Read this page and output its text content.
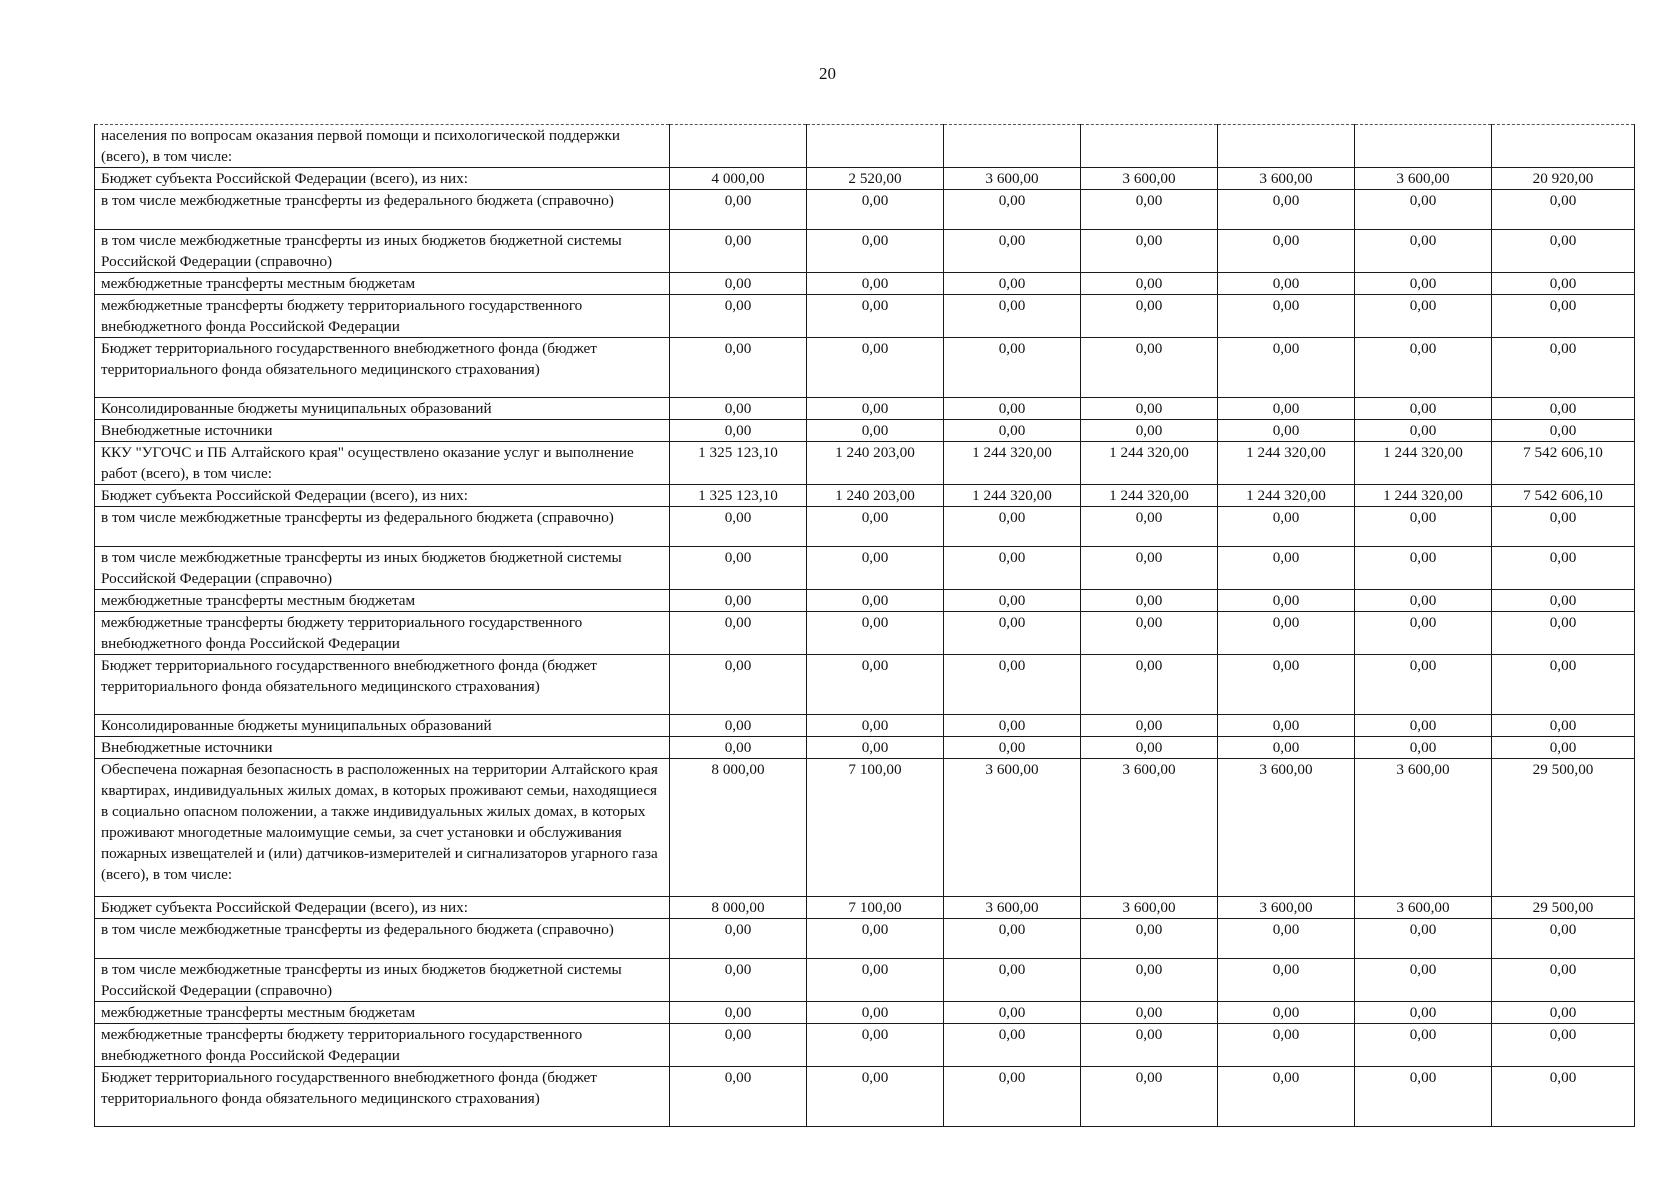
20
населения по вопросам оказания первой помощи и психологической поддержки (всего), в том числе:							
Бюджет субъекта Российской Федерации (всего), из них:	4 000,00	2 520,00	3 600,00	3 600,00	3 600,00	3 600,00	20 920,00
в том числе межбюджетные трансферты из федерального бюджета (справочно)	0,00	0,00	0,00	0,00	0,00	0,00	0,00
в том числе межбюджетные трансферты из иных бюджетов бюджетной системы Российской Федерации (справочно)	0,00	0,00	0,00	0,00	0,00	0,00	0,00
межбюджетные трансферты местным бюджетам	0,00	0,00	0,00	0,00	0,00	0,00	0,00
межбюджетные трансферты бюджету территориального государственного внебюджетного фонда Российской Федерации	0,00	0,00	0,00	0,00	0,00	0,00	0,00
Бюджет территориального государственного внебюджетного фонда (бюджет территориального фонда обязательного медицинского страхования)	0,00	0,00	0,00	0,00	0,00	0,00	0,00
Консолидированные бюджеты муниципальных образований	0,00	0,00	0,00	0,00	0,00	0,00	0,00
Внебюджетные источники	0,00	0,00	0,00	0,00	0,00	0,00	0,00
ККУ "УГОЧС и ПБ Алтайского края" осуществлено оказание услуг и выполнение работ (всего), в том числе:	1 325 123,10	1 240 203,00	1 244 320,00	1 244 320,00	1 244 320,00	1 244 320,00	7 542 606,10
Бюджет субъекта Российской Федерации (всего), из них:	1 325 123,10	1 240 203,00	1 244 320,00	1 244 320,00	1 244 320,00	1 244 320,00	7 542 606,10
в том числе межбюджетные трансферты из федерального бюджета (справочно)	0,00	0,00	0,00	0,00	0,00	0,00	0,00
в том числе межбюджетные трансферты из иных бюджетов бюджетной системы Российской Федерации (справочно)	0,00	0,00	0,00	0,00	0,00	0,00	0,00
межбюджетные трансферты местным бюджетам	0,00	0,00	0,00	0,00	0,00	0,00	0,00
межбюджетные трансферты бюджету территориального государственного внебюджетного фонда Российской Федерации	0,00	0,00	0,00	0,00	0,00	0,00	0,00
Бюджет территориального государственного внебюджетного фонда (бюджет территориального фонда обязательного медицинского страхования)	0,00	0,00	0,00	0,00	0,00	0,00	0,00
Консолидированные бюджеты муниципальных образований	0,00	0,00	0,00	0,00	0,00	0,00	0,00
Внебюджетные источники	0,00	0,00	0,00	0,00	0,00	0,00	0,00
Обеспечена пожарная безопасность в расположенных на территории Алтайского края квартирах, индивидуальных жилых домах, в которых проживают семьи, находящиеся в социально опасном положении, а также индивидуальных жилых домах, в которых проживают многодетные малоимущие семьи, за счет установки и обслуживания пожарных извещателей и (или) датчиков-измерителей и сигнализаторов угарного газа (всего), в том числе:	8 000,00	7 100,00	3 600,00	3 600,00	3 600,00	3 600,00	29 500,00
Бюджет субъекта Российской Федерации (всего), из них:	8 000,00	7 100,00	3 600,00	3 600,00	3 600,00	3 600,00	29 500,00
в том числе межбюджетные трансферты из федерального бюджета (справочно)	0,00	0,00	0,00	0,00	0,00	0,00	0,00
в том числе межбюджетные трансферты из иных бюджетов бюджетной системы Российской Федерации (справочно)	0,00	0,00	0,00	0,00	0,00	0,00	0,00
межбюджетные трансферты местным бюджетам	0,00	0,00	0,00	0,00	0,00	0,00	0,00
межбюджетные трансферты бюджету территориального государственного внебюджетного фонда Российской Федерации	0,00	0,00	0,00	0,00	0,00	0,00	0,00
Бюджет территориального государственного внебюджетного фонда (бюджет территориального фонда обязательного медицинского страхования)	0,00	0,00	0,00	0,00	0,00	0,00	0,00
